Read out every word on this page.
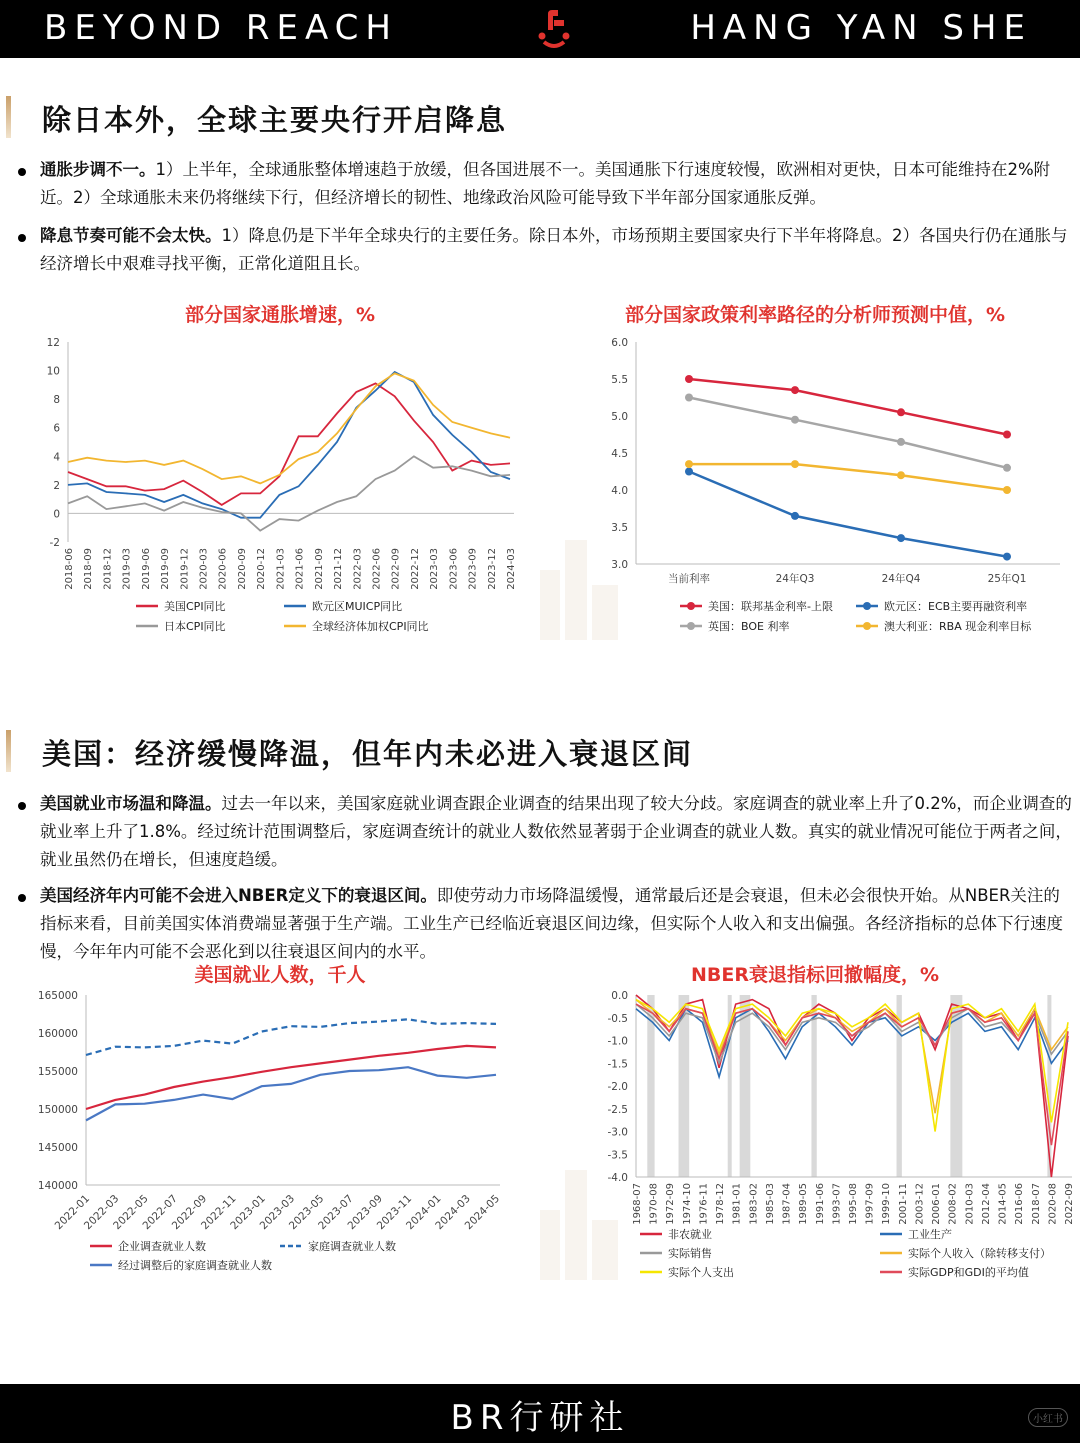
BEYOND REACH	HANG YAN SHE
除日本外，全球主要央行开启降息
通胀步调不一。1）上半年，全球通胀整体增速趋于放缓，但各国进展不一。美国通胀下行速度较慢，欧洲相对更快，日本可能维持在2%附近。2）全球通胀未来仍将继续下行，但经济增长的韧性、地缘政治风险可能导致下半年部分国家通胀反弹。
降息节奏可能不会太快。1）降息仍是下半年全球央行的主要任务。除日本外，市场预期主要国家央行下半年将降息。2）各国央行仍在通胀与经济增长中艰难寻找平衡，正常化道阻且长。
部分国家通胀增速，%
-2
0
2
4
6
8
10
12
2018-06 2018-09 2018-12 2019-03 2019-06 2019-09 2019-12 2020-03 2020-06 2020-09 2020-12 2021-03 2021-06 2021-09 2021-12 2022-03 2022-06 2022-09 2022-12 2023-03 2023-06 2023-09 2023-12 2024-03
美国CPI同比	欧元区MUICP同比
日本CPI同比	全球经济体加权CPI同比
部分国家政策利率路径的分析师预测中值，%
3.0
3.5
4.0
4.5
5.0
5.5
6.0
当前利率	24年Q3	24年Q4	25年Q1
美国：联邦基金利率-上限	欧元区：ECB主要再融资利率
英国：BOE 利率	澳大利亚：RBA 现金利率目标
美国：经济缓慢降温，但年内未必进入衰退区间
美国就业市场温和降温。过去一年以来，美国家庭就业调查跟企业调查的结果出现了较大分歧。家庭调查的就业率上升了0.2%，而企业调查的就业率上升了1.8%。经过统计范围调整后，家庭调查统计的就业人数依然显著弱于企业调查的就业人数。真实的就业情况可能位于两者之间，就业虽然仍在增长，但速度趋缓。
美国经济年内可能不会进入NBER定义下的衰退区间。即使劳动力市场降温缓慢，通常最后还是会衰退，但未必会很快开始。从NBER关注的指标来看，目前美国实体消费端显著强于生产端。工业生产已经临近衰退区间边缘，但实际个人收入和支出偏强。各经济指标的总体下行速度慢，今年年内可能不会恶化到以往衰退区间内的水平。
美国就业人数，千人
140000
145000
150000
155000
160000
165000
2022-01
2022-03
2022-05
2022-07
2022-09
2022-11
2023-01
2023-03
2023-05
2023-07
2023-09
2023-11
2024-01
2024-03
2024-05
企业调查就业人数	家庭调查就业人数
经过调整后的家庭调查就业人数
NBER衰退指标回撤幅度，%
0.0
-0.5
-1.0
-1.5
-2.0
-2.5
-3.0
-3.5
-4.0
1968-07 1970-08 1972-09 1974-10 1976-11 1978-12 1981-01 1983-02 1985-03 1987-04 1989-05 1991-06 1993-07 1995-08 1997-09 1999-10 2001-11 2003-12 2006-01 2008-02 2010-03 2012-04 2014-05 2016-06 2018-07 2020-08 2022-09
非农就业	工业生产
实际销售	实际个人收入（除转移支付）
实际个人支出	实际GDP和GDI的平均值
BR行研社	小红书
